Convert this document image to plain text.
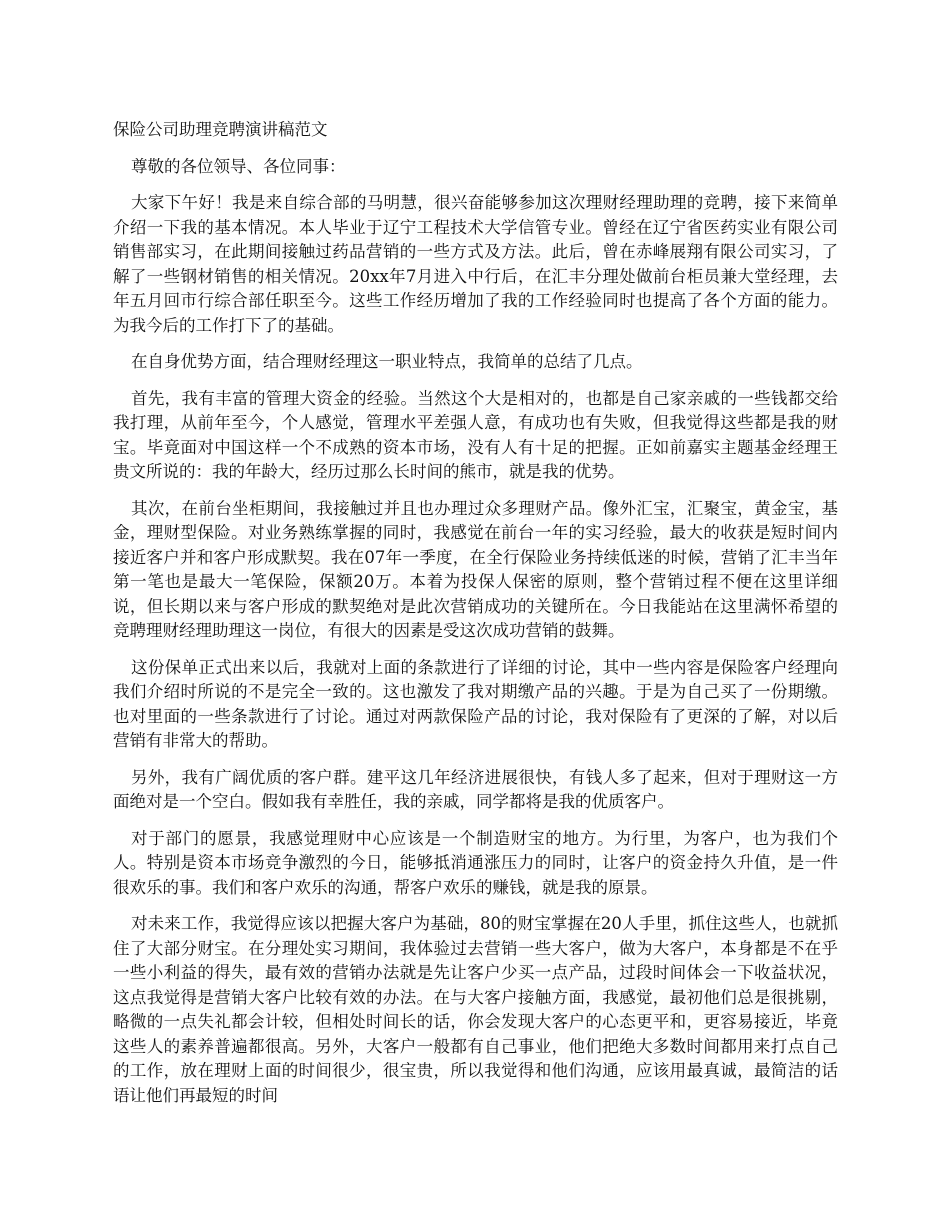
保险公司助理竞聘演讲稿范文

尊敬的各位领导、各位同事：

大家下午好！我是来自综合部的马明慧，很兴奋能够参加这次理财经理助理的竞聘，接下来简单介绍一下我的基本情况。本人毕业于辽宁工程技术大学信管专业。曾经在辽宁省医药实业有限公司销售部实习，在此期间接触过药品营销的一些方式及方法。此后，曾在赤峰展翔有限公司实习，了解了一些钢材销售的相关情况。20xx年7月进入中行后，在汇丰分理处做前台柜员兼大堂经理，去年五月回市行综合部任职至今。这些工作经历增加了我的工作经验同时也提高了各个方面的能力。为我今后的工作打下了的基础。

在自身优势方面，结合理财经理这一职业特点，我简单的总结了几点。

首先，我有丰富的管理大资金的经验。当然这个大是相对的，也都是自己家亲戚的一些钱都交给我打理，从前年至今，个人感觉，管理水平差强人意，有成功也有失败，但我觉得这些都是我的财宝。毕竟面对中国这样一个不成熟的资本市场，没有人有十足的把握。正如前嘉实主题基金经理王贵文所说的：我的年龄大，经历过那么长时间的熊市，就是我的优势。

其次，在前台坐柜期间，我接触过并且也办理过众多理财产品。像外汇宝，汇聚宝，黄金宝，基金，理财型保险。对业务熟练掌握的同时，我感觉在前台一年的实习经验，最大的收获是短时间内接近客户并和客户形成默契。我在07年一季度，在全行保险业务持续低迷的时候，营销了汇丰当年第一笔也是最大一笔保险，保额20万。本着为投保人保密的原则，整个营销过程不便在这里详细说，但长期以来与客户形成的默契绝对是此次营销成功的关键所在。今日我能站在这里满怀希望的竞聘理财经理助理这一岗位，有很大的因素是受这次成功营销的鼓舞。

这份保单正式出来以后，我就对上面的条款进行了详细的讨论，其中一些内容是保险客户经理向我们介绍时所说的不是完全一致的。这也激发了我对期缴产品的兴趣。于是为自己买了一份期缴。也对里面的一些条款进行了讨论。通过对两款保险产品的讨论，我对保险有了更深的了解，对以后营销有非常大的帮助。

另外，我有广阔优质的客户群。建平这几年经济进展很快，有钱人多了起来，但对于理财这一方面绝对是一个空白。假如我有幸胜任，我的亲戚，同学都将是我的优质客户。

对于部门的愿景，我感觉理财中心应该是一个制造财宝的地方。为行里，为客户，也为我们个人。特别是资本市场竞争激烈的今日，能够抵消通涨压力的同时，让客户的资金持久升值，是一件很欢乐的事。我们和客户欢乐的沟通，帮客户欢乐的赚钱，就是我的原景。

对未来工作，我觉得应该以把握大客户为基础，80的财宝掌握在20人手里，抓住这些人，也就抓住了大部分财宝。在分理处实习期间，我体验过去营销一些大客户，做为大客户，本身都是不在乎一些小利益的得失，最有效的营销办法就是先让客户少买一点产品，过段时间体会一下收益状况，这点我觉得是营销大客户比较有效的办法。在与大客户接触方面，我感觉，最初他们总是很挑剔，略微的一点失礼都会计较，但相处时间长的话，你会发现大客户的心态更平和，更容易接近，毕竟这些人的素养普遍都很高。另外，大客户一般都有自己事业，他们把绝大多数时间都用来打点自己的工作，放在理财上面的时间很少，很宝贵，所以我觉得和他们沟通，应该用最真诚，最简洁的话语让他们再最短的时间
